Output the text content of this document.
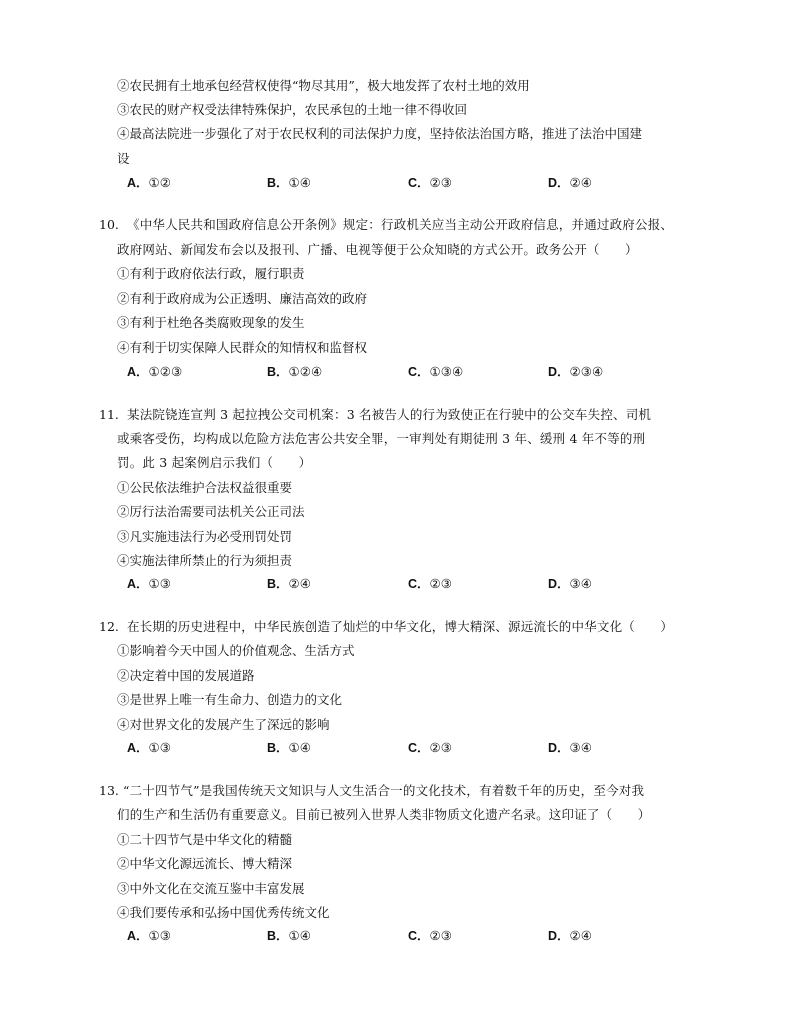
②农民拥有土地承包经营权使得“物尽其用”，极大地发挥了农村土地的效用
③农民的财产权受法律特殊保护，农民承包的土地一律不得收回
④最高法院进一步强化了对于农民权利的司法保护力度，坚持依法治国方略，推进了法治中国建
设
A．①②	B．①④	C．②③	D．②④
10. 《中华人民共和国政府信息公开条例》规定：行政机关应当主动公开政府信息，并通过政府公报、
政府网站、新闻发布会以及报刊、广播、电视等便于公众知晓的方式公开。政务公开（　　）
①有利于政府依法行政，履行职责
②有利于政府成为公正透明、廉洁高效的政府
③有利于杜绝各类腐败现象的发生
④有利于切实保障人民群众的知情权和监督权
A．①②③	B．①②④	C．①③④	D．②③④
11. 某法院铙连宣判 3 起拉拽公交司机案：3 名被告人的行为致使正在行驶中的公交车失控、司机
或乘客受伤，均构成以危险方法危害公共安全罪，一审判处有期徒刑 3 年、缓刑 4 年不等的刑
罚。此 3 起案例启示我们（　　）
①公民依法维护合法权益很重要
②厉行法治需要司法机关公正司法
③凡实施违法行为必受刑罚处罚
④实施法律所禁止的行为须担责
A．①③	B．②④	C．②③	D．③④
12. 在长期的历史进程中，中华民族创造了灿烂的中华文化，博大精深、源远流长的中华文化（　　）
①影响着今天中国人的价值观念、生活方式
②决定着中国的发展道路
③是世界上唯一有生命力、创造力的文化
④对世界文化的发展产生了深远的影响
A．①③	B．①④	C．②③	D．③④
13. “二十四节气”是我国传统天文知识与人文生活合一的文化技术，有着数千年的历史，至今对我
们的生产和生活仍有重要意义。目前已被列入世界人类非物质文化遗产名录。这印证了（　　）
①二十四节气是中华文化的精髓
②中华文化源远流长、博大精深
③中外文化在交流互鉴中丰富发展
④我们要传承和弘扬中国优秀传统文化
A．①③	B．①④	C．②③	D．②④
